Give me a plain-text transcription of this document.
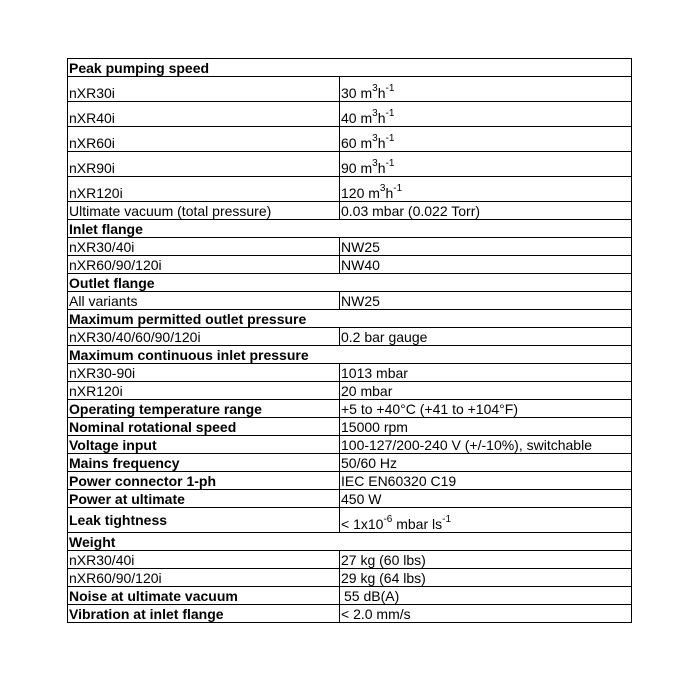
Peak pumping speed	
nXR30i	30 $m^3h^{-1}$
nXR40i	40 $m^3h^{-1}$
nXR60i	60 $m^3h^{-1}$
nXR90i	90 $m^3h^{-1}$
nXR120i	120 $m^3h^{-1}$
Ultimate vacuum (total pressure)	0.03 mbar (0.022 Torr)
Inlet flange	
nXR30/40i	NW25
nXR60/90/120i	NW40
Outlet flange	
All variants	NW25
Maximum permitted outlet pressure	
nXR30/40/60/90/120i	0.2 bar gauge
Maximum continuous inlet pressure	
nXR30-90i	1013 mbar
nXR120i	20 mbar
Operating temperature range	+5 to +40°C (+41 to +104°F)
Nominal rotational speed	15000 rpm
Voltage input	100-127/200-240 V (+/-10%), switchable
Mains frequency	50/60 Hz
Power connector 1-ph	IEC EN60320 C19
Power at ultimate	450 W
Leak tightness	< $1x10^{-6}$ mbar $ls^{-1}$
Weight	
nXR30/40i	27 kg (60 lbs)
nXR60/90/120i	29 kg (64 lbs)
Noise at ultimate vacuum	55 dB(A)
Vibration at inlet flange	< 2.0 mm/s
